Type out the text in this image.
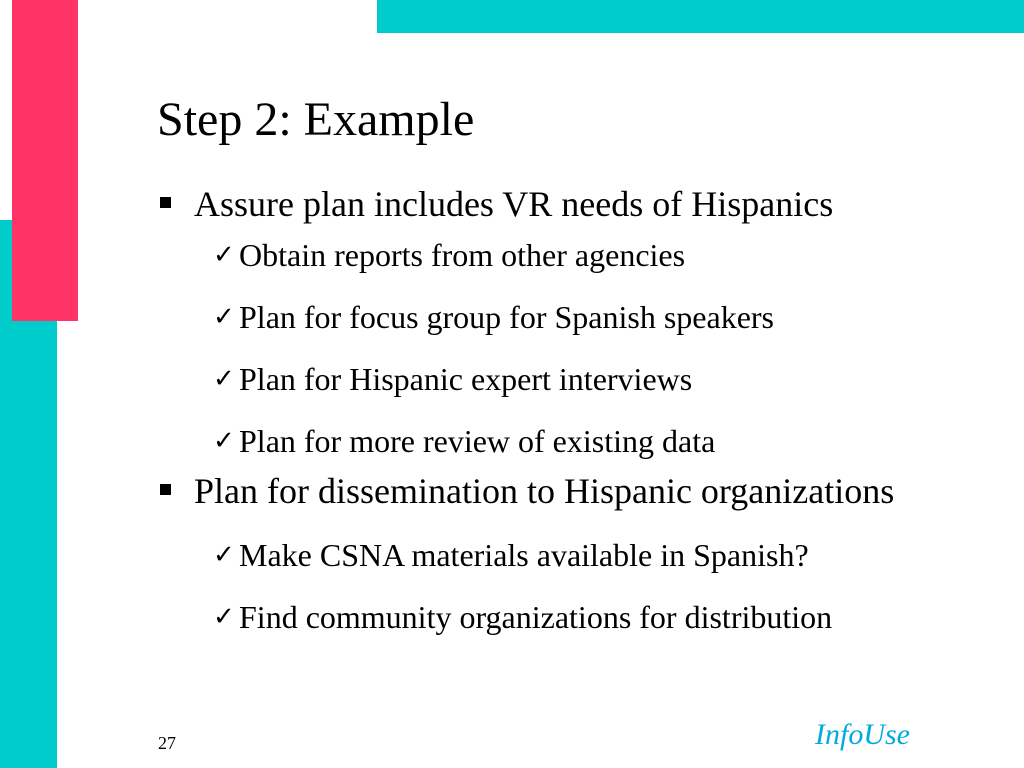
Step 2: Example
Assure plan includes VR needs of Hispanics
✓ Obtain reports from other agencies
✓ Plan for focus group for Spanish speakers
✓ Plan for Hispanic expert interviews
✓ Plan for more review of existing data
Plan for dissemination to Hispanic organizations
✓ Make CSNA materials available in Spanish?
✓ Find community organizations for distribution
27	InfoUse
